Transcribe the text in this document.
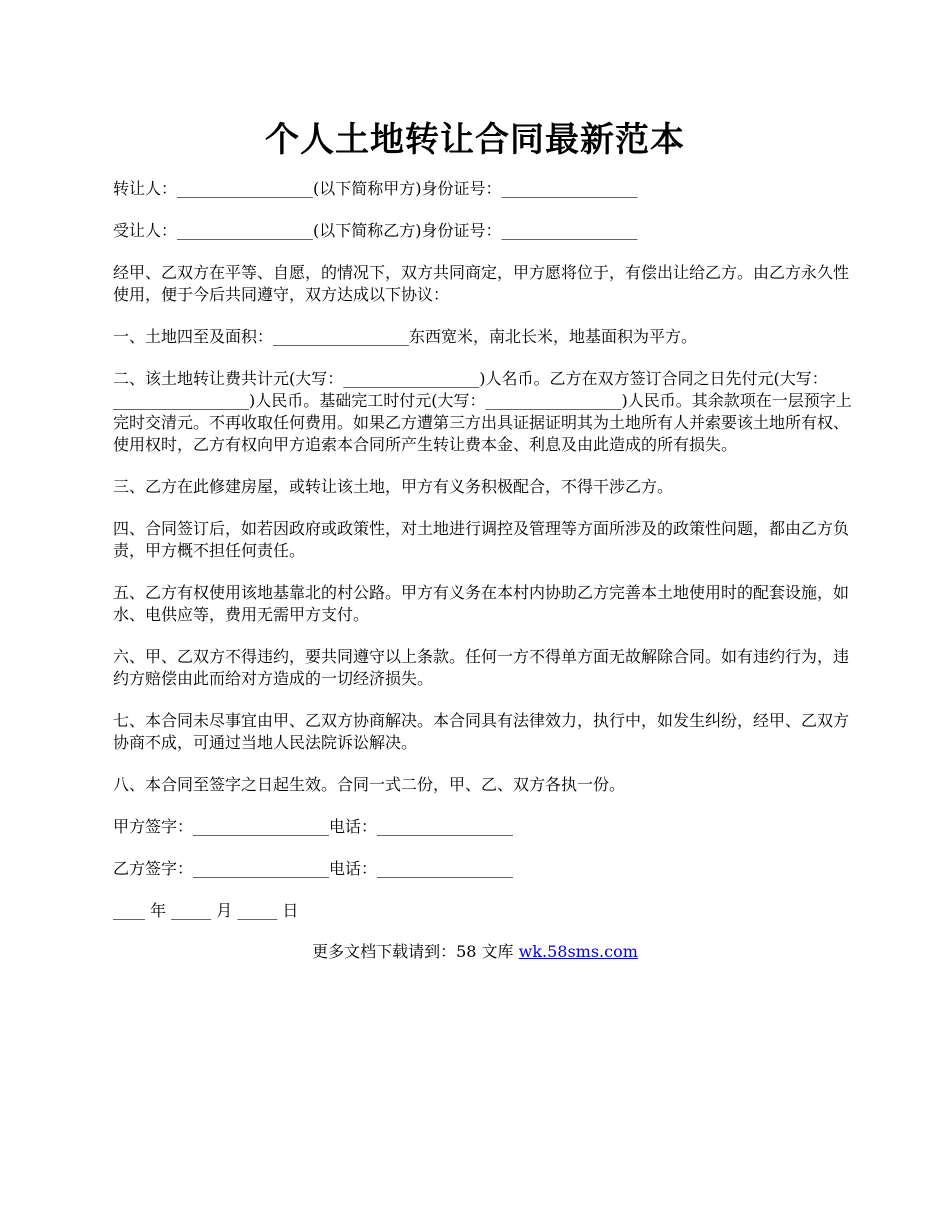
个人土地转让合同最新范本

转让人：_________________(以下简称甲方)身份证号：_________________

受让人：_________________(以下简称乙方)身份证号：_________________

经甲、乙双方在平等、自愿，的情况下，双方共同商定，甲方愿将位于，有偿出让给乙方。由乙方永久性使用，便于今后共同遵守，双方达成以下协议：

一、土地四至及面积：_________________东西宽米，南北长米，地基面积为平方。

二、该土地转让费共计元(大写：_________________)人名币。乙方在双方签订合同之日先付元(大写：_________________)人民币。基础完工时付元(大写：_________________)人民币。其余款项在一层预字上完时交清元。不再收取任何费用。如果乙方遭第三方出具证据证明其为土地所有人并索要该土地所有权、使用权时，乙方有权向甲方追索本合同所产生转让费本金、利息及由此造成的所有损失。

三、乙方在此修建房屋，或转让该土地，甲方有义务积极配合，不得干涉乙方。

四、合同签订后，如若因政府或政策性，对土地进行调控及管理等方面所涉及的政策性问题，都由乙方负责，甲方概不担任何责任。

五、乙方有权使用该地基靠北的村公路。甲方有义务在本村内协助乙方完善本土地使用时的配套设施，如水、电供应等，费用无需甲方支付。

六、甲、乙双方不得违约，要共同遵守以上条款。任何一方不得单方面无故解除合同。如有违约行为，违约方赔偿由此而给对方造成的一切经济损失。

七、本合同未尽事宜由甲、乙双方协商解决。本合同具有法律效力，执行中，如发生纠纷，经甲、乙双方协商不成，可通过当地人民法院诉讼解决。

八、本合同至签字之日起生效。合同一式二份，甲、乙、双方各执一份。

甲方签字：_________________电话：_________________

乙方签字：_________________电话：_________________

____ 年 _____ 月 _____ 日

更多文档下载请到：58 文库 wk.58sms.com
